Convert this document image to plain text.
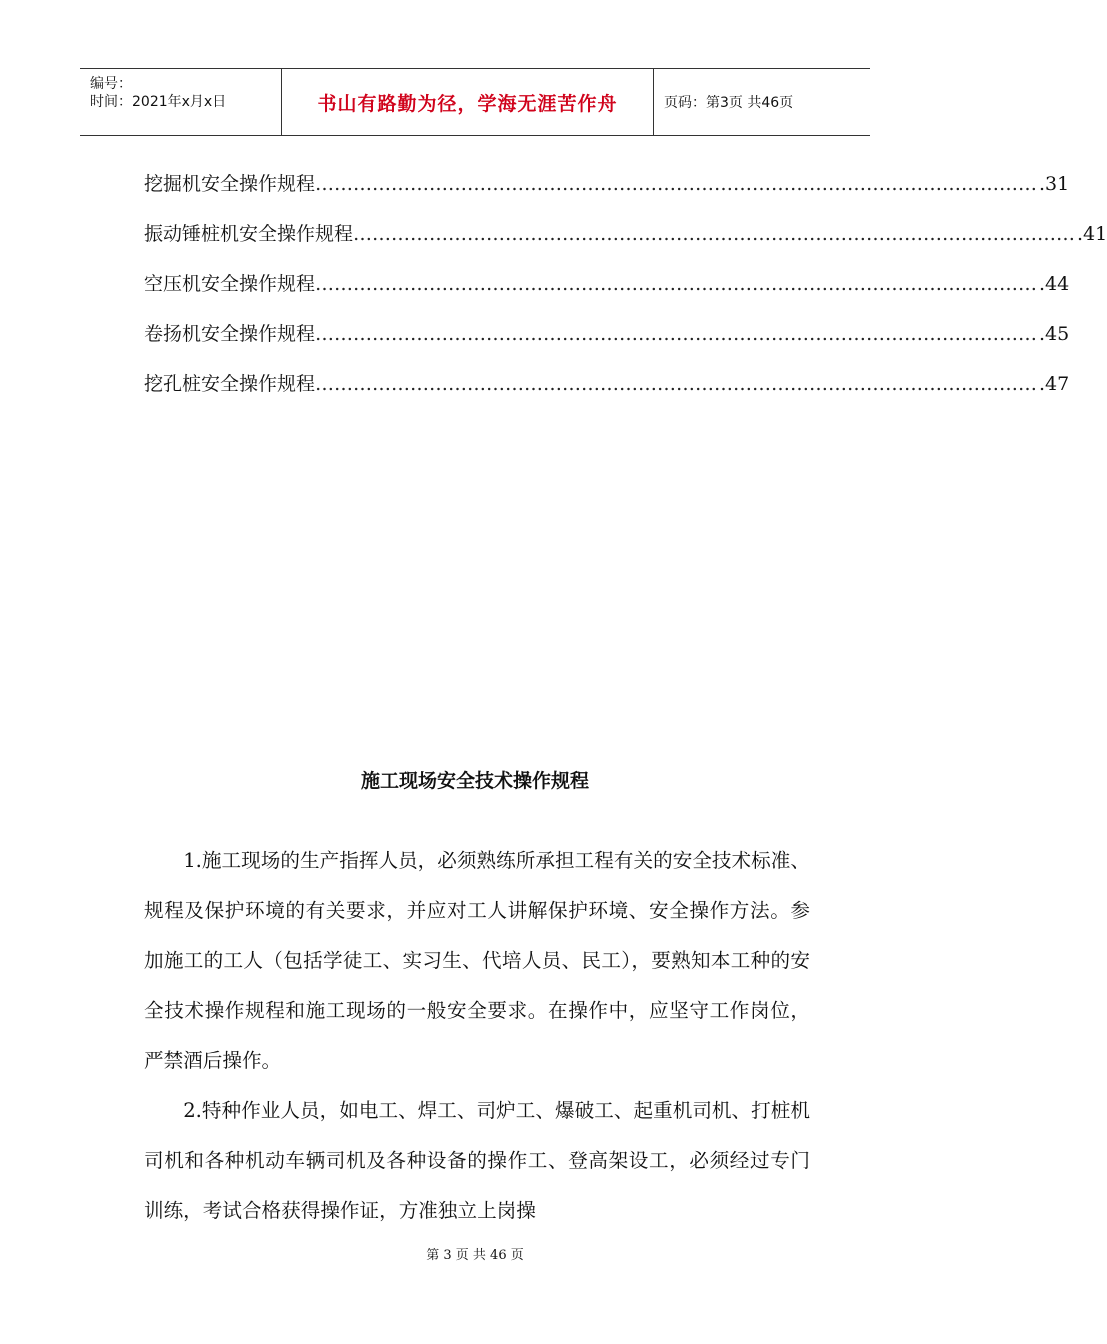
编号：
时间：2021年x月x日	书山有路勤为径，学海无涯苦作舟	页码：第3页 共46页
挖掘机安全操作规程 …………………………………………………………………………………………………… .31
振动锤桩机安全操作规程 …………………………………………………………………………………………………… .41
空压机安全操作规程 …………………………………………………………………………………………………… .44
卷扬机安全操作规程 …………………………………………………………………………………………………… .45
挖孔桩安全操作规程 …………………………………………………………………………………………………… .47
施工现场安全技术操作规程

1.施工现场的生产指挥人员，必须熟练所承担工程有关的安全技术标准、规程及保护环境的有关要求，并应对工人讲解保护环境、安全操作方法。参加施工的工人（包括学徒工、实习生、代培人员、民工），要熟知本工种的安全技术操作规程和施工现场的一般安全要求。在操作中，应坚守工作岗位，严禁酒后操作。

2.特种作业人员，如电工、焊工、司炉工、爆破工、起重机司机、打桩机司机和各种机动车辆司机及各种设备的操作工、登高架设工，必须经过专门训练，考试合格获得操作证，方准独立上岗操

第 3 页 共 46 页
